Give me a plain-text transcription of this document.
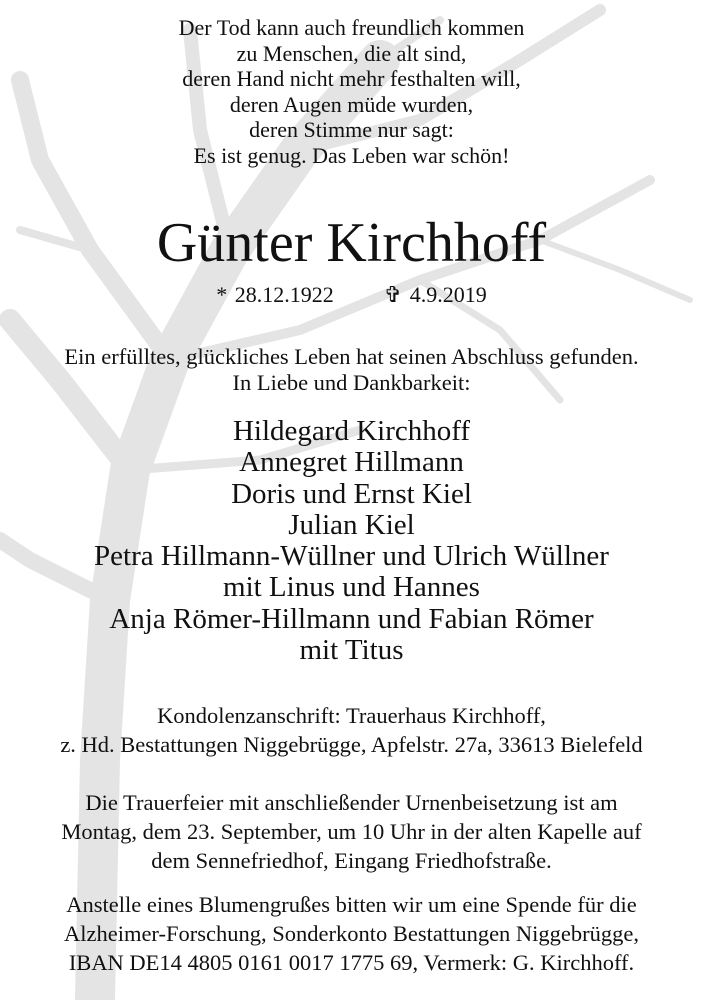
Der Tod kann auch freundlich kommen
zu Menschen, die alt sind,
deren Hand nicht mehr festhalten will,
deren Augen müde wurden,
deren Stimme nur sagt:
Es ist genug. Das Leben war schön!
Günter Kirchhoff
* 28.12.1922 ✞ 4.9.2019
Ein erfülltes, glückliches Leben hat seinen Abschluss gefunden.
In Liebe und Dankbarkeit:
Hildegard Kirchhoff
Annegret Hillmann
Doris und Ernst Kiel
Julian Kiel
Petra Hillmann-Wüllner und Ulrich Wüllner
mit Linus und Hannes
Anja Römer-Hillmann und Fabian Römer
mit Titus
Kondolenzanschrift: Trauerhaus Kirchhoff,
z. Hd. Bestattungen Niggebrügge, Apfelstr. 27a, 33613 Bielefeld
Die Trauerfeier mit anschließender Urnenbeisetzung ist am
Montag, dem 23. September, um 10 Uhr in der alten Kapelle auf
dem Sennefriedhof, Eingang Friedhofstraße.
Anstelle eines Blumengrußes bitten wir um eine Spende für die
Alzheimer-Forschung, Sonderkonto Bestattungen Niggebrügge,
IBAN DE14 4805 0161 0017 1775 69, Vermerk: G. Kirchhoff.
